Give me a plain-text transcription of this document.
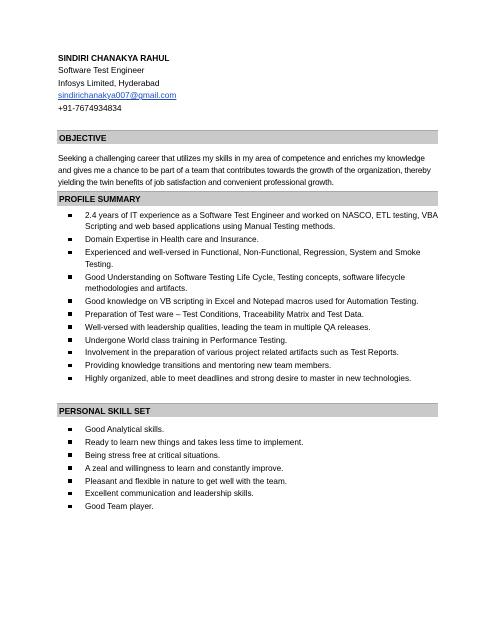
SINDIRI CHANAKYA RAHUL
Software Test Engineer
Infosys Limited, Hyderabad
sindirichanakya007@gmail.com
+91-7674934834
OBJECTIVE
Seeking a challenging career that utilizes my skills in my area of competence and enriches my knowledge and gives me a chance to be part of a team that contributes towards the growth of the organization, thereby yielding the twin benefits of job satisfaction and convenient professional growth.
PROFILE SUMMARY
2.4 years of IT experience as a Software Test Engineer and worked on NASCO, ETL testing, VBA Scripting and web based applications using Manual Testing methods.
Domain Expertise in Health care and Insurance.
Experienced and well-versed in Functional, Non-Functional, Regression, System and Smoke Testing.
Good Understanding on Software Testing Life Cycle, Testing concepts, software lifecycle methodologies and artifacts.
Good knowledge on VB scripting in Excel and Notepad macros used for Automation Testing.
Preparation of Test ware – Test Conditions, Traceability Matrix and Test Data.
Well-versed with leadership qualities, leading the team in multiple QA releases.
Undergone World class training in Performance Testing.
Involvement in the preparation of various project related artifacts such as Test Reports.
Providing knowledge transitions and mentoring new team members.
Highly organized, able to meet deadlines and strong desire to master in new technologies.
PERSONAL SKILL SET
Good Analytical skills.
Ready to learn new things and takes less time to implement.
Being stress free at critical situations.
A zeal and willingness to learn and constantly improve.
Pleasant and flexible in nature to get well with the team.
Excellent communication and leadership skills.
Good Team player.
